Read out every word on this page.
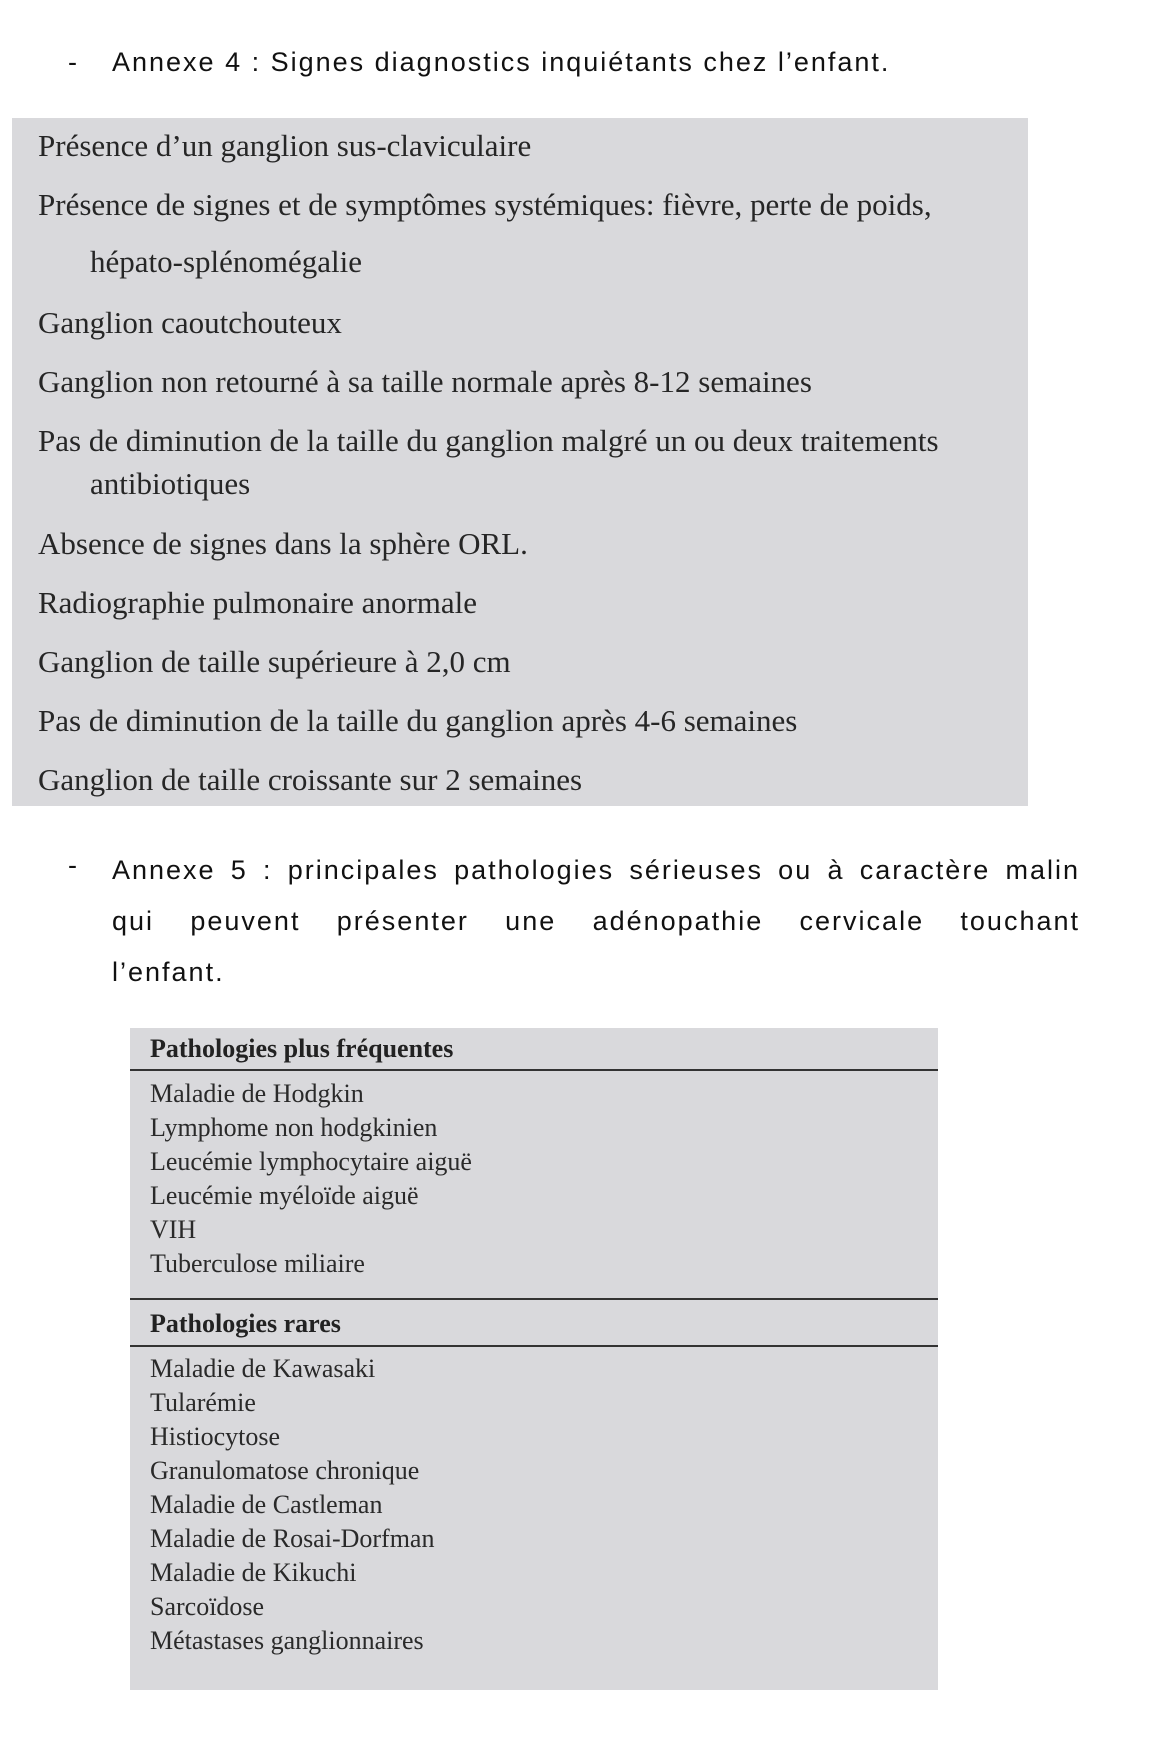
- Annexe 4 : Signes diagnostics inquiétants chez l’enfant.
Présence d’un ganglion sus-claviculaire
Présence de signes et de symptômes systémiques: fièvre, perte de poids,
hépato-splénomégalie
Ganglion caoutchouteux
Ganglion non retourné à sa taille normale après 8-12 semaines
Pas de diminution de la taille du ganglion malgré un ou deux traitements
antibiotiques
Absence de signes dans la sphère ORL.
Radiographie pulmonaire anormale
Ganglion de taille supérieure à 2,0 cm
Pas de diminution de la taille du ganglion après 4-6 semaines
Ganglion de taille croissante sur 2 semaines
- Annexe 5 : principales pathologies sérieuses ou à caractère malin
qui peuvent présenter une adénopathie cervicale touchant
l’enfant.
Pathologies plus fréquentes
Maladie de Hodgkin
Lymphome non hodgkinien
Leucémie lymphocytaire aiguë
Leucémie myéloïde aiguë
VIH
Tuberculose miliaire
Pathologies rares
Maladie de Kawasaki
Tularémie
Histiocytose
Granulomatose chronique
Maladie de Castleman
Maladie de Rosai-Dorfman
Maladie de Kikuchi
Sarcoïdose
Métastases ganglionnaires
